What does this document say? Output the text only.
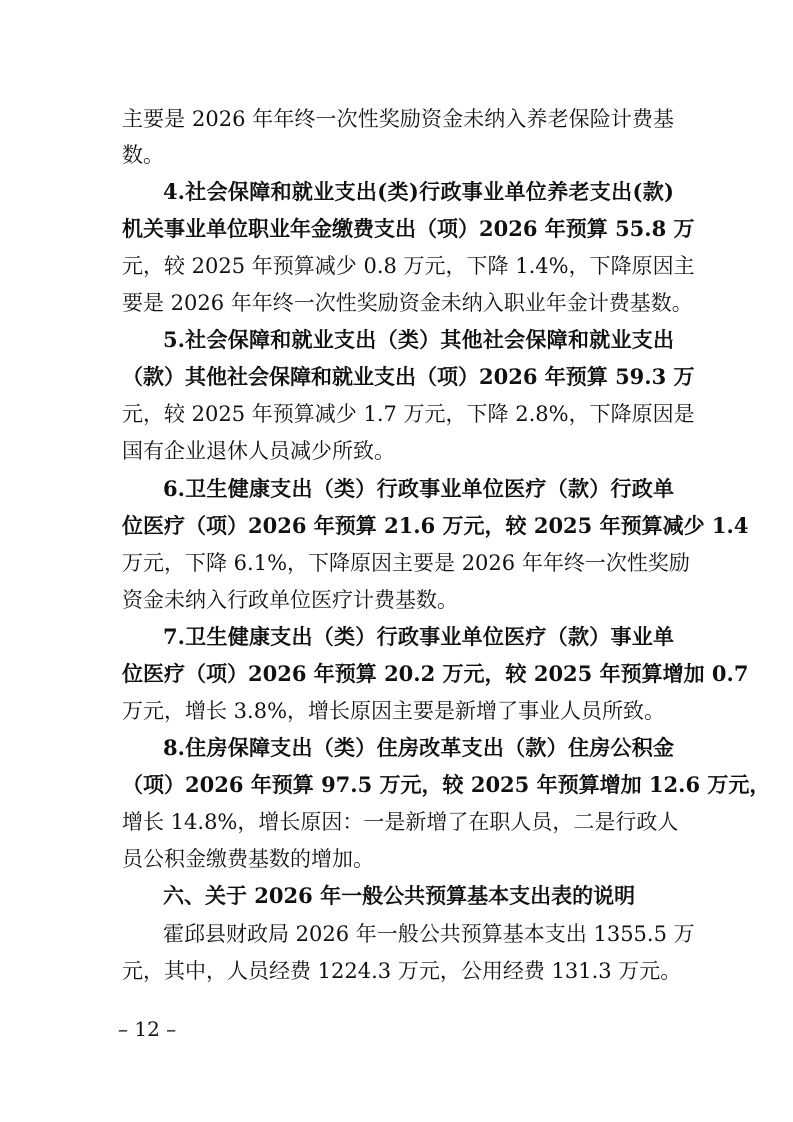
主要是 2026 年年终一次性奖励资金未纳入养老保险计费基
数。
4.社会保障和就业支出(类)行政事业单位养老支出(款)
机关事业单位职业年金缴费支出（项）2026 年预算 55.8 万
元，较 2025 年预算减少 0.8 万元，下降 1.4%，下降原因主
要是 2026 年年终一次性奖励资金未纳入职业年金计费基数。
5.社会保障和就业支出（类）其他社会保障和就业支出
（款）其他社会保障和就业支出（项）2026 年预算 59.3 万
元，较 2025 年预算减少 1.7 万元，下降 2.8%，下降原因是
国有企业退休人员减少所致。
6.卫生健康支出（类）行政事业单位医疗（款）行政单
位医疗（项）2026 年预算 21.6 万元，较 2025 年预算减少 1.4
万元，下降 6.1%，下降原因主要是 2026 年年终一次性奖励
资金未纳入行政单位医疗计费基数。
7.卫生健康支出（类）行政事业单位医疗（款）事业单
位医疗（项）2026 年预算 20.2 万元，较 2025 年预算增加 0.7
万元，增长 3.8%，增长原因主要是新增了事业人员所致。
8.住房保障支出（类）住房改革支出（款）住房公积金
（项）2026 年预算 97.5 万元，较 2025 年预算增加 12.6 万元，
增长 14.8%，增长原因：一是新增了在职人员，二是行政人
员公积金缴费基数的增加。
六、关于 2026 年一般公共预算基本支出表的说明
霍邱县财政局 2026 年一般公共预算基本支出 1355.5 万
元，其中，人员经费 1224.3 万元，公用经费 131.3 万元。
– 12 –
